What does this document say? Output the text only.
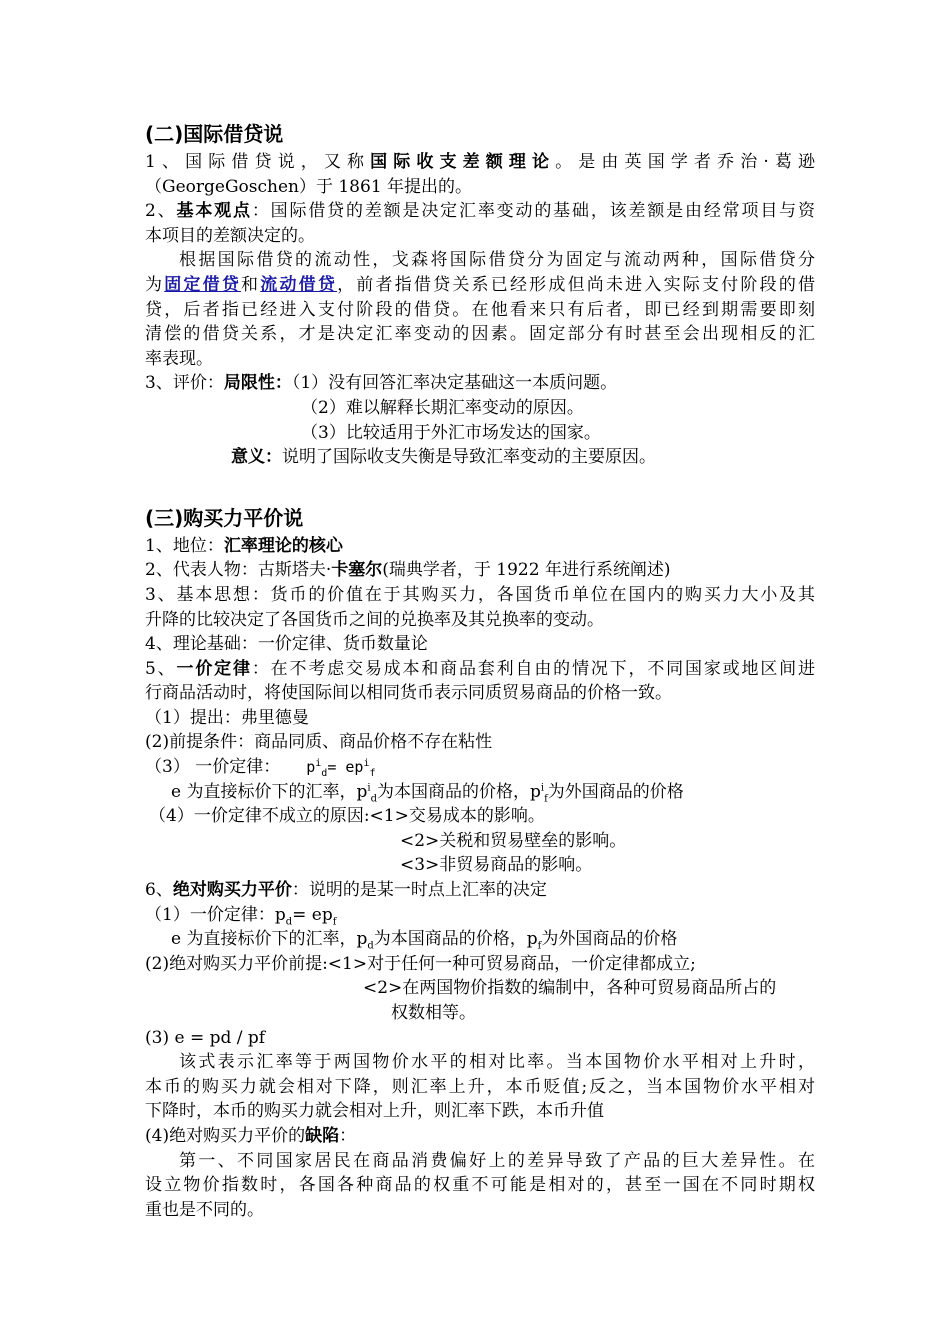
(二)国际借贷说
1、国际借贷说，又称国际收支差额理论。是由英国学者乔治·葛逊
（GeorgeGoschen）于 1861 年提出的。
2、基本观点：国际借贷的差额是决定汇率变动的基础，该差额是由经常项目与资
本项目的差额决定的。
根据国际借贷的流动性，戈森将国际借贷分为固定与流动两种，国际借贷分
为固定借贷和流动借贷，前者指借贷关系已经形成但尚未进入实际支付阶段的借
贷，后者指已经进入支付阶段的借贷。在他看来只有后者，即已经到期需要即刻
清偿的借贷关系，才是决定汇率变动的因素。固定部分有时甚至会出现相反的汇
率表现。
3、评价：局限性：（1）没有回答汇率决定基础这一本质问题。
（2）难以解释长期汇率变动的原因。
（3）比较适用于外汇市场发达的国家。
意义：说明了国际收支失衡是导致汇率变动的主要原因。
(三)购买力平价说
1、地位：汇率理论的核心
2、代表人物：古斯塔夫·卡塞尔(瑞典学者，于 1922 年进行系统阐述)
3、基本思想：货币的价值在于其购买力，各国货币单位在国内的购买力大小及其
升降的比较决定了各国货币之间的兑换率及其兑换率的变动。
4、理论基础：一价定律、货币数量论
5、一价定律：在不考虑交易成本和商品套利自由的情况下，不同国家或地区间进
行商品活动时，将使国际间以相同货币表示同质贸易商品的价格一致。
（1）提出：弗里德曼
(2)前提条件：商品同质、商品价格不存在粘性
（3） 一价定律： $p^i_d= ep^i_f$
e 为直接标价下的汇率，$p^i_d$为本国商品的价格，$p^i_f$为外国商品的价格
（4）一价定律不成立的原因:<1>交易成本的影响。
<2>关税和贸易壁垒的影响。
<3>非贸易商品的影响。
6、绝对购买力平价：说明的是某一时点上汇率的决定
（1）一价定律：$p_d= ep_f$
e 为直接标价下的汇率，$p_d$为本国商品的价格，$p_f$为外国商品的价格
(2)绝对购买力平价前提:<1>对于任何一种可贸易商品，一价定律都成立;
<2>在两国物价指数的编制中，各种可贸易商品所占的
权数相等。
(3) e = pd / pf
该式表示汇率等于两国物价水平的相对比率。当本国物价水平相对上升时，
本币的购买力就会相对下降，则汇率上升，本币贬值;反之，当本国物价水平相对
下降时，本币的购买力就会相对上升，则汇率下跌，本币升值
(4)绝对购买力平价的缺陷：
第一、不同国家居民在商品消费偏好上的差异导致了产品的巨大差异性。在
设立物价指数时，各国各种商品的权重不可能是相对的，甚至一国在不同时期权
重也是不同的。
